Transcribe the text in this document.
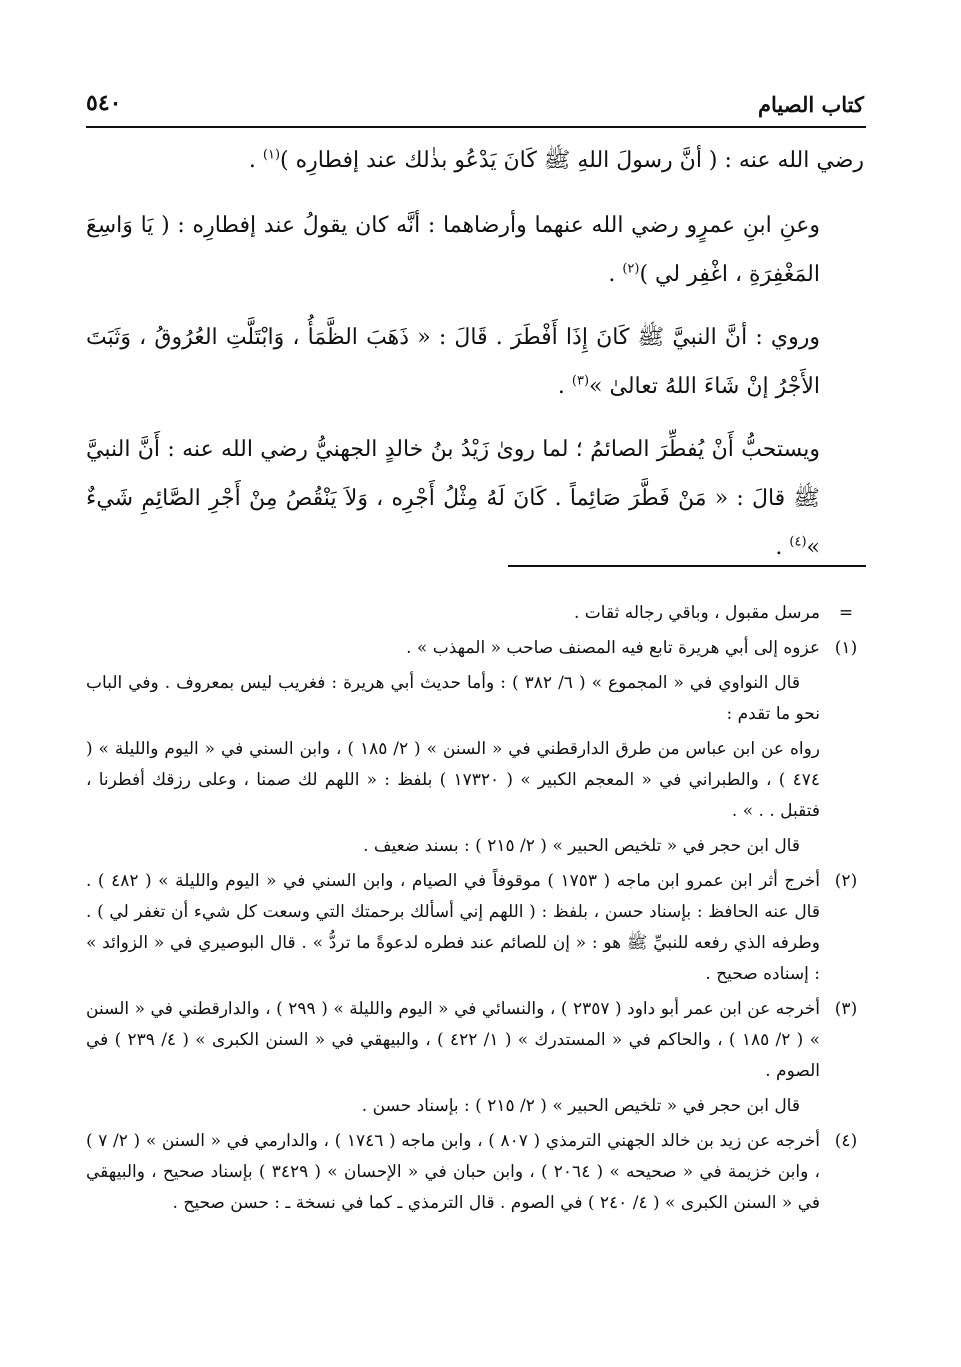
كتاب الصيام
٥٤٠

رضي الله عنه : ( أنَّ رسولَ اللهِ ﷺ كَانَ يَدْعُو بذٰلك عند إفطارِه )$^{(١)}$ .

وعنِ ابنِ عمرٍو رضي الله عنهما وأرضاهما : أنَّه كان يقولُ عند إفطارِه : ( يَا وَاسِعَ المَغْفِرَةِ ، اغْفِر لي )$^{(٢)}$ .

وروي : أنَّ النبيَّ ﷺ كَانَ إِذَا أَفْطَرَ . قَالَ : « ذَهَبَ الظَّمَأُ ، وَابْتَلَّتِ العُرُوقُ ، وَثَبَتَ الأَجْرُ إنْ شَاءَ اللهُ تعالىٰ »$^{(٣)}$ .

ويستحبُّ أَنْ يُفطِّرَ الصائمُ ؛ لما روىٰ زَيْدُ بنُ خالدٍ الجهنيُّ رضي الله عنه : أَنَّ النبيَّ ﷺ قالَ : « مَنْ فَطَّرَ صَائِماً . كَانَ لَهُ مِثْلُ أَجْرِه ، وَلاَ يَنْقُصُ مِنْ أَجْرِ الصَّائِمِ شَيءٌ »$^{(٤)}$ .

=

مرسل مقبول ، وباقي رجاله ثقات .

(١)

عزوه إلى أبي هريرة تابع فيه المصنف صاحب « المهذب » .

قال النواوي في « المجموع » ( ٦/ ٣٨٢ ) : وأما حديث أبي هريرة : فغريب ليس بمعروف . وفي الباب نحو ما تقدم :

رواه عن ابن عباس من طرق الدارقطني في « السنن » ( ٢/ ١٨٥ ) ، وابن السني في « اليوم والليلة » ( ٤٧٤ ) ، والطبراني في « المعجم الكبير » ( ١٧٣٢٠ ) بلفظ : « اللهم لك صمنا ، وعلى رزقك أفطرنا ، فتقبل . . » .

قال ابن حجر في « تلخيص الحبير » ( ٢/ ٢١٥ ) : بسند ضعيف .

(٢)

أخرج أثر ابن عمرو ابن ماجه ( ١٧٥٣ ) موقوفاً في الصيام ، وابن السني في « اليوم والليلة » ( ٤٨٢ ) . قال عنه الحافظ : بإسناد حسن ، بلفظ : ( اللهم إني أسألك برحمتك التي وسعت كل شيء أن تغفر لي ) . وطرفه الذي رفعه للنبيِّ ﷺ هو : « إن للصائم عند فطره لدعوةً ما تردُّ » . قال البوصيري في « الزوائد » : إسناده صحيح .

(٣)

أخرجه عن ابن عمر أبو داود ( ٢٣٥٧ ) ، والنسائي في « اليوم والليلة » ( ٢٩٩ ) ، والدارقطني في « السنن » ( ٢/ ١٨٥ ) ، والحاكم في « المستدرك » ( ١/ ٤٢٢ ) ، والبيهقي في « السنن الكبرى » ( ٤/ ٢٣٩ ) في الصوم .

قال ابن حجر في « تلخيص الحبير » ( ٢/ ٢١٥ ) : بإسناد حسن .

(٤)

أخرجه عن زيد بن خالد الجهني الترمذي ( ٨٠٧ ) ، وابن ماجه ( ١٧٤٦ ) ، والدارمي في « السنن » ( ٢/ ٧ ) ، وابن خزيمة في « صحيحه » ( ٢٠٦٤ ) ، وابن حبان في « الإحسان » ( ٣٤٢٩ ) بإسناد صحيح ، والبيهقي في « السنن الكبرى » ( ٤/ ٢٤٠ ) في الصوم . قال الترمذي ـ كما في نسخة ـ : حسن صحيح .
